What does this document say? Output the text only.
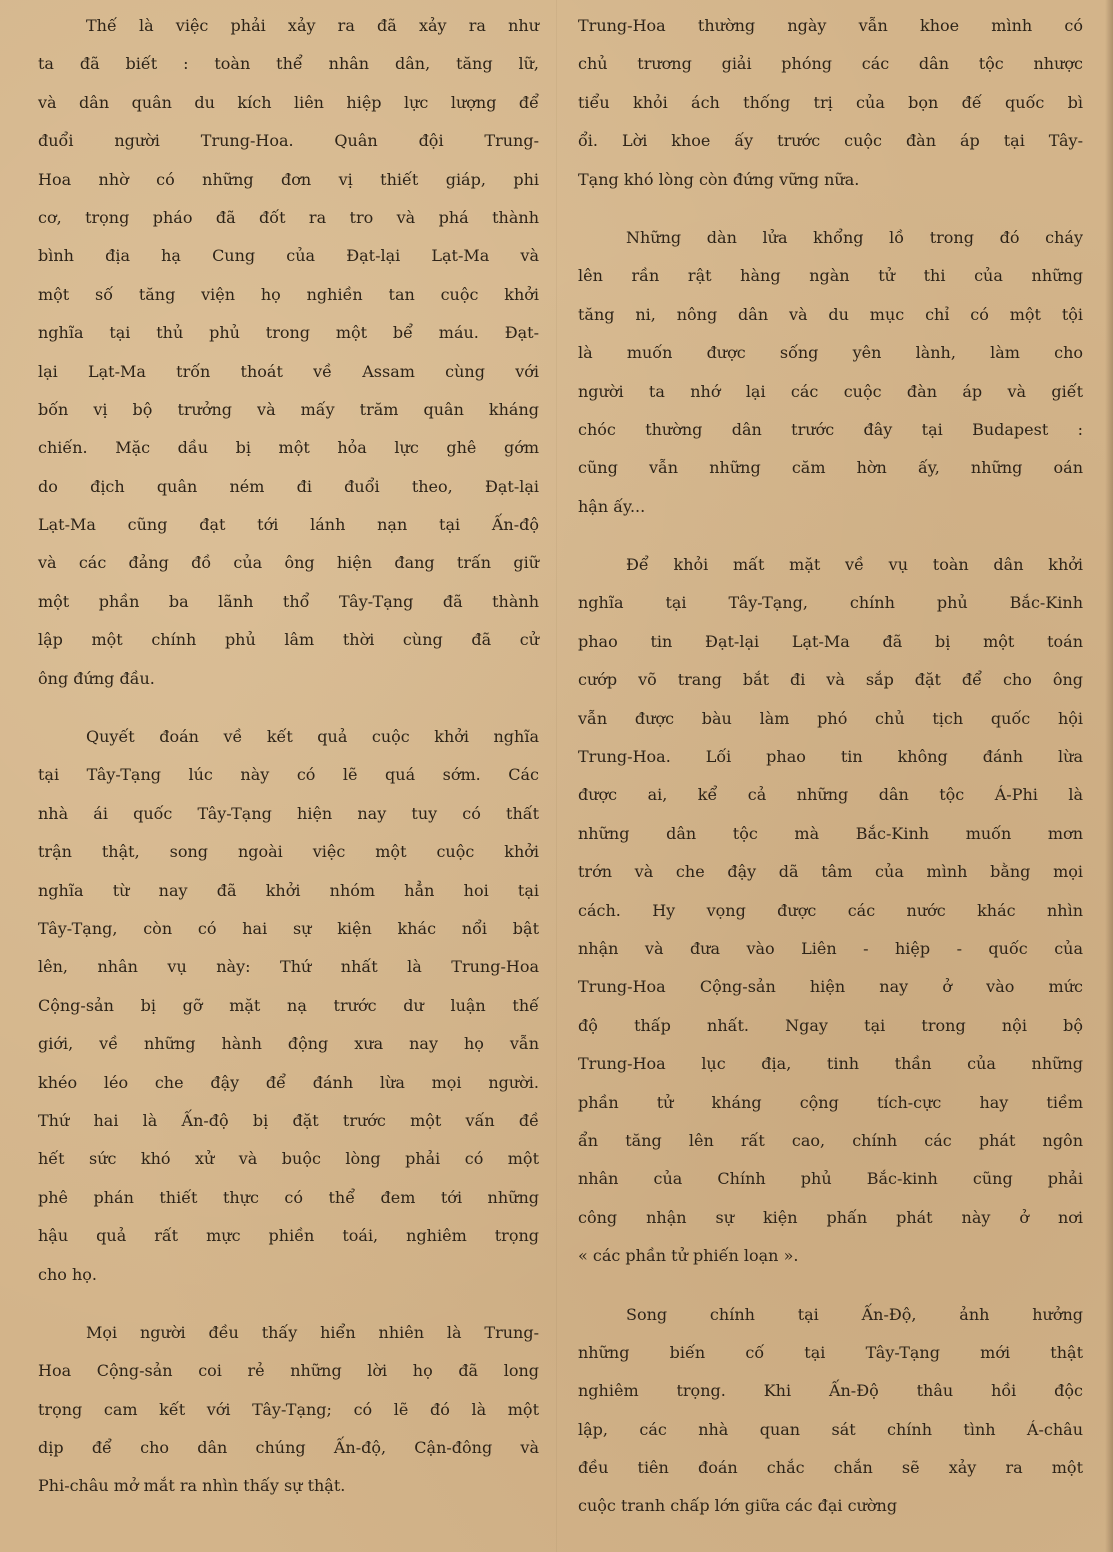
Thế là việc phải xảy ra đã xảy ra như
ta đã biết : toàn thể nhân dân, tăng lữ,
và dân quân du kích liên hiệp lực lượng để
đuổi người Trung-Hoa. Quân đội Trung-
Hoa nhờ có những đơn vị thiết giáp, phi
cơ, trọng pháo đã đốt ra tro và phá thành
bình địa hạ Cung của Đạt-lại Lạt-Ma và
một số tăng viện họ nghiền tan cuộc khởi
nghĩa tại thủ phủ trong một bể máu. Đạt-
lại Lạt-Ma trốn thoát về Assam cùng với
bốn vị bộ trưởng và mấy trăm quân kháng
chiến. Mặc dầu bị một hỏa lực ghê gớm
do địch quân ném đi đuổi theo, Đạt-lại
Lạt-Ma cũng đạt tới lánh nạn tại Ấn-độ
và các đảng đồ của ông hiện đang trấn giữ
một phần ba lãnh thổ Tây-Tạng đã thành
lập một chính phủ lâm thời cùng đã cử
ông đứng đầu.
Quyết đoán về kết quả cuộc khởi nghĩa
tại Tây-Tạng lúc này có lẽ quá sớm. Các
nhà ái quốc Tây-Tạng hiện nay tuy có thất
trận thật, song ngoài việc một cuộc khởi
nghĩa từ nay đã khởi nhóm hẳn hoi tại
Tây-Tạng, còn có hai sự kiện khác nổi bật
lên, nhân vụ này: Thứ nhất là Trung-Hoa
Cộng-sản bị gỡ mặt nạ trước dư luận thế
giới, về những hành động xưa nay họ vẫn
khéo léo che đậy để đánh lừa mọi người.
Thứ hai là Ấn-độ bị đặt trước một vấn đề
hết sức khó xử và buộc lòng phải có một
phê phán thiết thực có thể đem tới những
hậu quả rất mực phiền toái, nghiêm trọng
cho họ.
Mọi người đều thấy hiển nhiên là Trung-
Hoa Cộng-sản coi rẻ những lời họ đã long
trọng cam kết với Tây-Tạng; có lẽ đó là một
dịp để cho dân chúng Ấn-độ, Cận-đông và
Phi-châu mở mắt ra nhìn thấy sự thật.
Trung-Hoa thường ngày vẫn khoe mình có
chủ trương giải phóng các dân tộc nhược
tiểu khỏi ách thống trị của bọn đế quốc bì
ổi. Lời khoe ấy trước cuộc đàn áp tại Tây-
Tạng khó lòng còn đứng vững nữa.
Những dàn lửa khổng lồ trong đó cháy
lên rần rật hàng ngàn tử thi của những
tăng ni, nông dân và du mục chỉ có một tội
là muốn được sống yên lành, làm cho
người ta nhớ lại các cuộc đàn áp và giết
chóc thường dân trước đây tại Budapest :
cũng vẫn những căm hờn ấy, những oán
hận ấy...
Để khỏi mất mặt về vụ toàn dân khởi
nghĩa tại Tây-Tạng, chính phủ Bắc-Kinh
phao tin Đạt-lại Lạt-Ma đã bị một toán
cướp võ trang bắt đi và sắp đặt để cho ông
vẫn được bàu làm phó chủ tịch quốc hội
Trung-Hoa. Lối phao tin không đánh lừa
được ai, kể cả những dân tộc Á-Phi là
những dân tộc mà Bắc-Kinh muốn mơn
trớn và che đậy dã tâm của mình bằng mọi
cách. Hy vọng được các nước khác nhìn
nhận và đưa vào Liên - hiệp - quốc của
Trung-Hoa Cộng-sản hiện nay ở vào mức
độ thấp nhất. Ngay tại trong nội bộ
Trung-Hoa lục địa, tinh thần của những
phần tử kháng cộng tích-cực hay tiềm
ẩn tăng lên rất cao, chính các phát ngôn
nhân của Chính phủ Bắc-kinh cũng phải
công nhận sự kiện phấn phát này ở nơi
« các phần tử phiến loạn ».
Song chính tại Ấn-Độ, ảnh hưởng
những biến cố tại Tây-Tạng mới thật
nghiêm trọng. Khi Ấn-Độ thâu hồi độc
lập, các nhà quan sát chính tình Á-châu
đều tiên đoán chắc chắn sẽ xảy ra một
cuộc tranh chấp lớn giữa các đại cường
